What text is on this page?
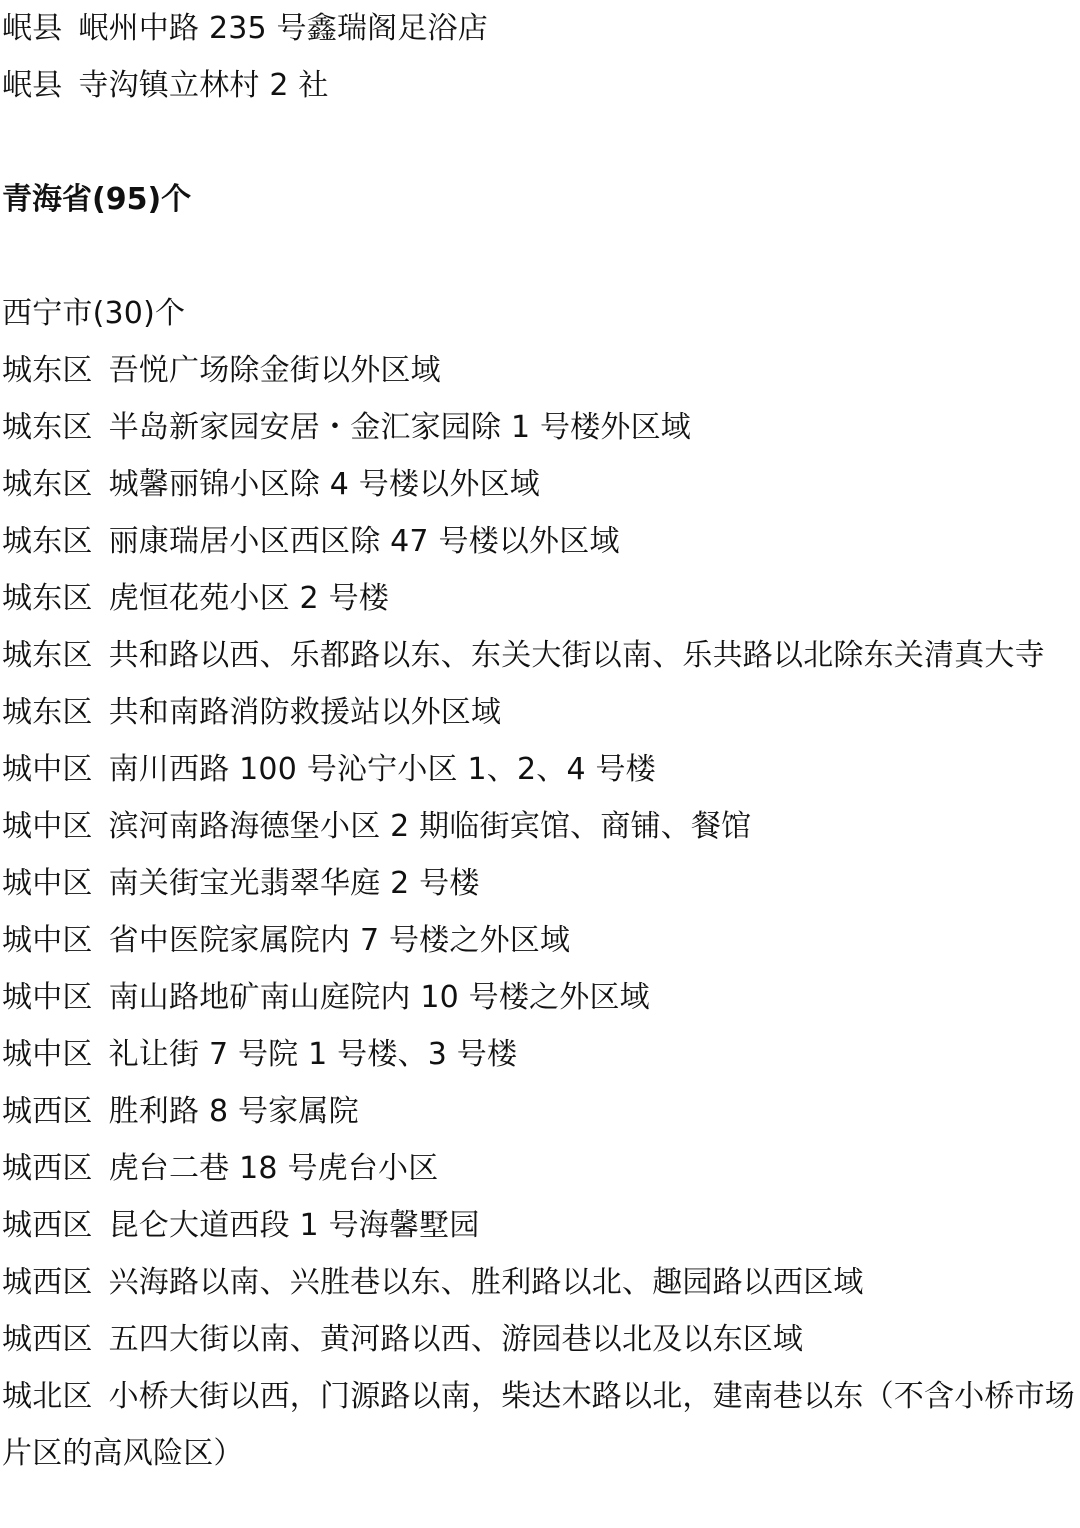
岷县 岷州中路 235 号鑫瑞阁足浴店
岷县 寺沟镇立林村 2 社
青海省(95)个
西宁市(30)个
城东区 吾悦广场除金街以外区域
城东区 半岛新家园安居・金汇家园除 1 号楼外区域
城东区 城馨丽锦小区除 4 号楼以外区域
城东区 丽康瑞居小区西区除 47 号楼以外区域
城东区 虎恒花苑小区 2 号楼
城东区 共和路以西、乐都路以东、东关大街以南、乐共路以北除东关清真大寺
城东区 共和南路消防救援站以外区域
城中区 南川西路 100 号沁宁小区 1、2、4 号楼
城中区 滨河南路海德堡小区 2 期临街宾馆、商铺、餐馆
城中区 南关街宝光翡翠华庭 2 号楼
城中区 省中医院家属院内 7 号楼之外区域
城中区 南山路地矿南山庭院内 10 号楼之外区域
城中区 礼让街 7 号院 1 号楼、3 号楼
城西区 胜利路 8 号家属院
城西区 虎台二巷 18 号虎台小区
城西区 昆仑大道西段 1 号海馨墅园
城西区 兴海路以南、兴胜巷以东、胜利路以北、趣园路以西区域
城西区 五四大街以南、黄河路以西、游园巷以北及以东区域
城北区 小桥大街以西，门源路以南，柴达木路以北，建南巷以东（不含小桥市场片区的高风险区）
